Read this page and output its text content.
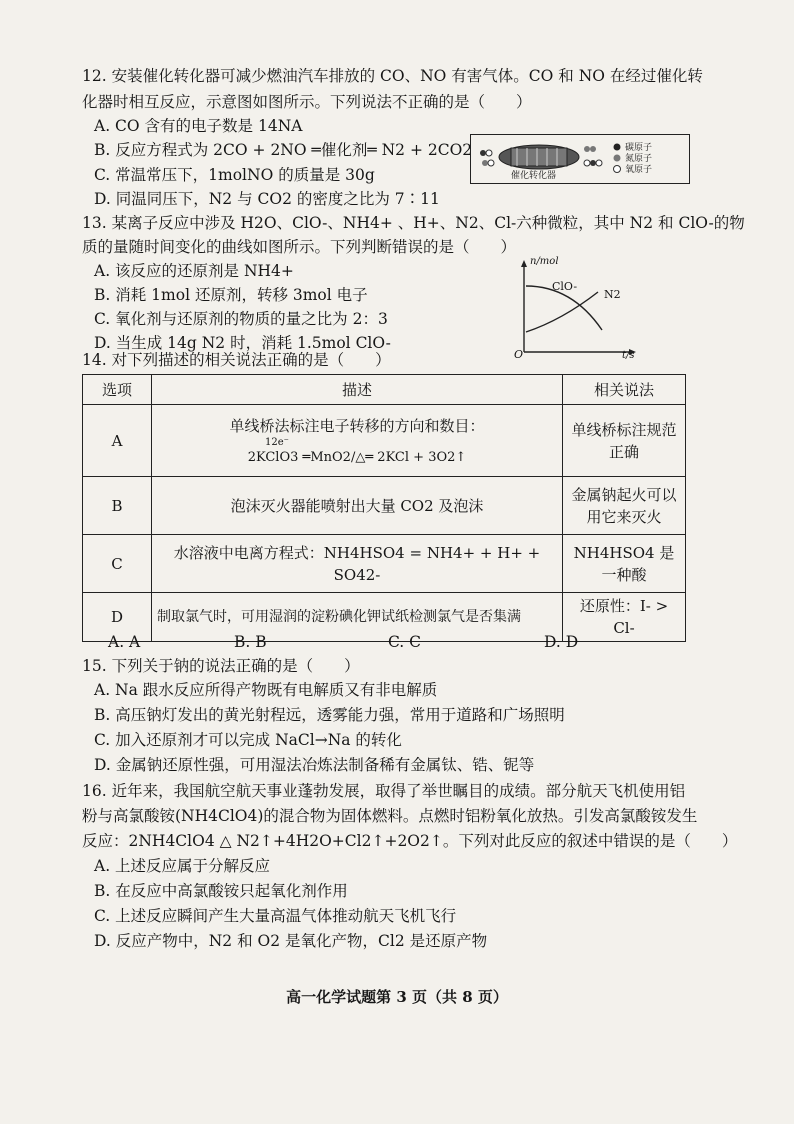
12. 安装催化转化器可减少燃油汽车排放的 CO、NO 有害气体。CO 和 NO 在经过催化转
化器时相互反应，示意图如图所示。下列说法不正确的是（　　）
A. CO 含有的电子数是 14NA
B. 反应方程式为 2CO + 2NO ═催化剂═ N2 + 2CO2
C. 常温常压下，1molNO 的质量是 30g
D. 同温同压下，N2 与 CO2 的密度之比为 7∶11
催化转化器
碳原子
氮原子
氧原子
13. 某离子反应中涉及 H2O、ClO-、NH4+ 、H+、N2、Cl-六种微粒，其中 N2 和 ClO-的物
质的量随时间变化的曲线如图所示。下列判断错误的是（　　）
A. 该反应的还原剂是 NH4+
B. 消耗 1mol 还原剂，转移 3mol 电子
C. 氧化剂与还原剂的物质的量之比为 2：3
D. 当生成 14g N2 时，消耗 1.5mol ClO-
n/mol
t/s
O
ClO-
N2
14. 对下列描述的相关说法正确的是（　　）
选项	描述	相关说法
A	单线桥法标注电子转移的方向和数目：
12e⁻
2KClO3 ═MnO2/△═ 2KCl + 3O2↑	单线桥标注规范正确
B	泡沫灭火器能喷射出大量 CO2 及泡沫	金属钠起火可以用它来灭火
C	水溶液中电离方程式：NH4HSO4 = NH4+ + H+ + SO42-	NH4HSO4 是一种酸
D	制取氯气时，可用湿润的淀粉碘化钾试纸检测氯气是否集满	还原性：I- > Cl-
A. A	B. B	C. C	D. D
15. 下列关于钠的说法正确的是（　　）
A. Na 跟水反应所得产物既有电解质又有非电解质
B. 高压钠灯发出的黄光射程远，透雾能力强，常用于道路和广场照明
C. 加入还原剂才可以完成 NaCl→Na 的转化
D. 金属钠还原性强，可用湿法冶炼法制备稀有金属钛、锆、铌等
16. 近年来，我国航空航天事业蓬勃发展，取得了举世瞩目的成绩。部分航天飞机使用铝
粉与高氯酸铵(NH4ClO4)的混合物为固体燃料。点燃时铝粉氧化放热。引发高氯酸铵发生
反应：2NH4ClO4 △ N2↑+4H2O+Cl2↑+2O2↑。下列对此反应的叙述中错误的是（　　）
A. 上述反应属于分解反应
B. 在反应中高氯酸铵只起氧化剂作用
C. 上述反应瞬间产生大量高温气体推动航天飞机飞行
D. 反应产物中，N2 和 O2 是氧化产物，Cl2 是还原产物
高一化学试题第 3 页（共 8 页）
